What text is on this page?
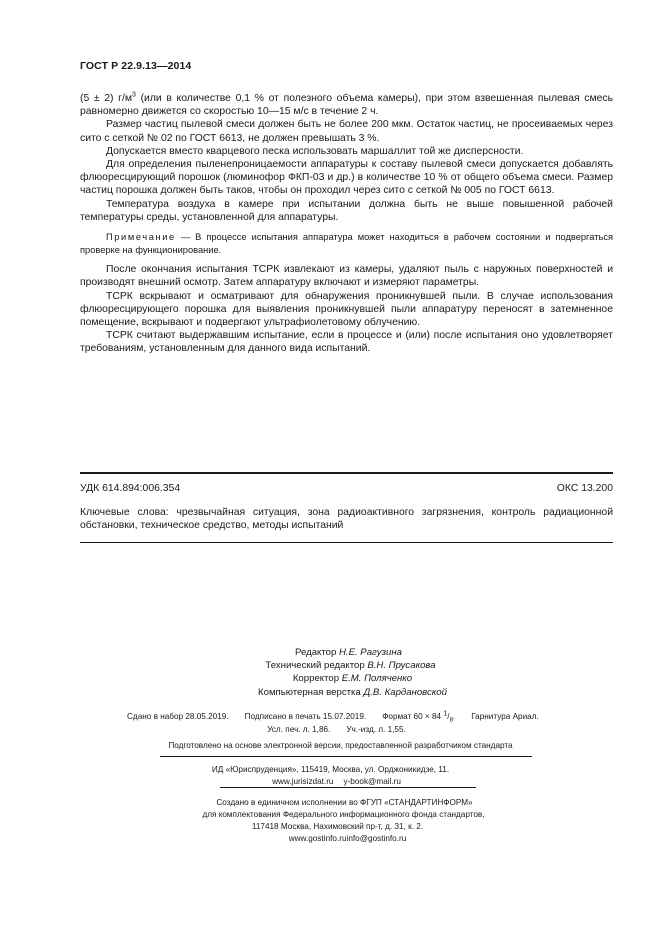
ГОСТ Р 22.9.13—2014

(5 ± 2) $г/м^3$ (или в количестве 0,1 % от полезного объема камеры), при этом взвешенная пылевая смесь равномерно движется со скоростью 10—15 м/с в течение 2 ч.

Размер частиц пылевой смеси должен быть не более 200 мкм. Остаток частиц, не просеиваемых через сито с сеткой № 02 по ГОСТ 6613, не должен превышать 3 %.

Допускается вместо кварцевого песка использовать маршаллит той же дисперсности.

Для определения пыленепроницаемости аппаратуры к составу пылевой смеси допускается добавлять флюоресцирующий порошок (люминофор ФКП-03 и др.) в количестве 10 % от общего объема смеси. Размер частиц порошка должен быть таков, чтобы он проходил через сито с сеткой № 005 по ГОСТ 6613.

Температура воздуха в камере при испытании должна быть не выше повышенной рабочей температуры среды, установленной для аппаратуры.

Примечание — В процессе испытания аппаратура может находиться в рабочем состоянии и подвергаться проверке на функционирование.

После окончания испытания ТСРК извлекают из камеры, удаляют пыль с наружных поверхностей и производят внешний осмотр. Затем аппаратуру включают и измеряют параметры.

ТСРК вскрывают и осматривают для обнаружения проникнувшей пыли. В случае использования флюоресцирующего порошка для выявления проникнувшей пыли аппаратуру переносят в затемненное помещение, вскрывают и подвергают ультрафиолетовому облучению.

ТСРК считают выдержавшим испытание, если в процессе и (или) после испытания оно удовлетворяет требованиям, установленным для данного вида испытаний.

УДК 614.894:006.354	ОКС 13.200
Ключевые слова: чрезвычайная ситуация, зона радиоактивного загрязнения, контроль радиационной обстановки, техническое средство, методы испытаний
Редактор Н.Е. Рагузина
Технический редактор В.Н. Прусакова
Корректор Е.М. Поляченко
Компьютерная верстка Д.В. Кардановской
Сдано в набор 28.05.2019. Подписано в печать 15.07.2019. Формат 60 × 84 $^1/_8$. Гарнитура Ариал.
Усл. печ. л. 1,86. Уч.-изд. л. 1,55.
Подготовлено на основе электронной версии, предоставленной разработчиком стандарта
ИД «Юриспруденция», 115419, Москва, ул. Орджоникидзе, 11.
www.jurisizdat.ru y-book@mail.ru
Создано в единичном исполнении во ФГУП «СТАНДАРТИНФОРМ»
для комплектования Федерального информационного фонда стандартов,
117418 Москва, Нахимовский пр-т, д. 31, к. 2.
www.gostinfo.ruinfo@gostinfo.ru
